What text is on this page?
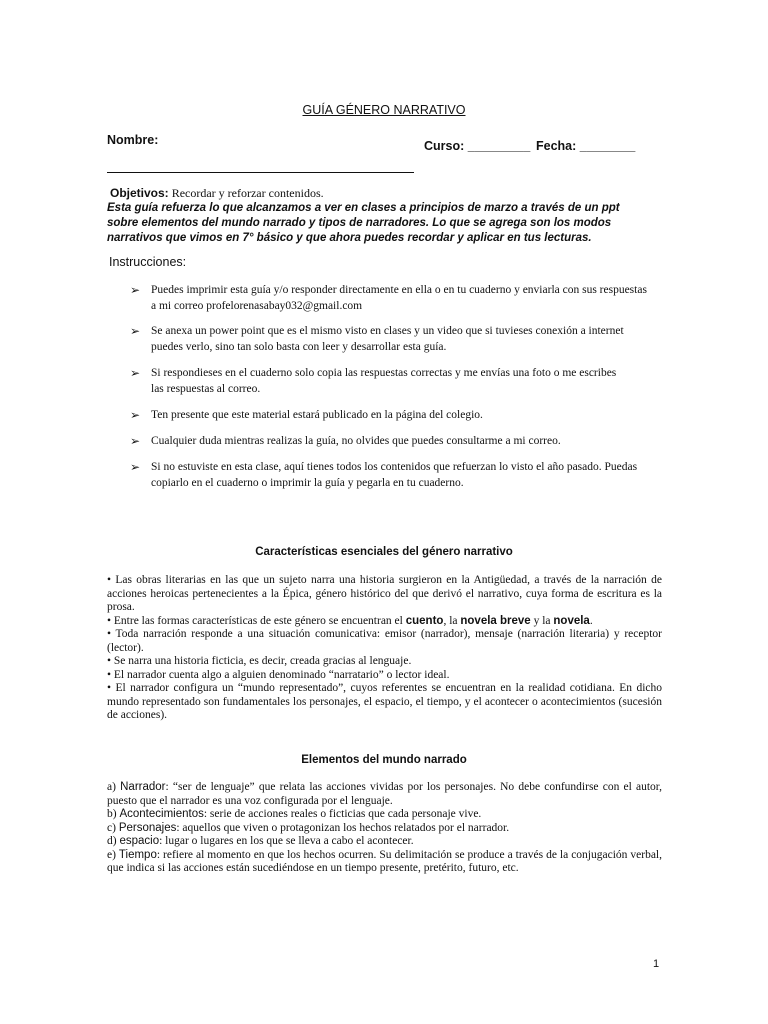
GUÍA GÉNERO NARRATIVO
Nombre:	Curso: _________ Fecha: ________
Objetivos: Recordar y reforzar contenidos.
Esta guía refuerza lo que alcanzamos a ver en clases a principios de marzo a través de un ppt sobre elementos del mundo narrado y tipos de narradores. Lo que se agrega son los modos narrativos que vimos en 7° básico y que ahora puedes recordar y aplicar en tus lecturas.
Instrucciones:
➢ Puedes imprimir esta guía y/o responder directamente en ella o en tu cuaderno y enviarla con sus respuestas
a mi correo profelorenasabay032@gmail.com
➢ Se anexa un power point que es el mismo visto en clases y un video que si tuvieses conexión a internet
puedes verlo, sino tan solo basta con leer y desarrollar esta guía.
➢ Si respondieses en el cuaderno solo copia las respuestas correctas y me envías una foto o me escribes
las respuestas al correo.
➢ Ten presente que este material estará publicado en la página del colegio.
➢ Cualquier duda mientras realizas la guía, no olvides que puedes consultarme a mi correo.
➢ Si no estuviste en esta clase, aquí tienes todos los contenidos que refuerzan lo visto el año pasado. Puedas
copiarlo en el cuaderno o imprimir la guía y pegarla en tu cuaderno.
Características esenciales del género narrativo

• Las obras literarias en las que un sujeto narra una historia surgieron en la Antigüedad, a través de la narración de acciones heroicas pertenecientes a la Épica, género histórico del que derivó el narrativo, cuya forma de escritura es la prosa.

• Entre las formas características de este género se encuentran el cuento, la novela breve y la novela.

• Toda narración responde a una situación comunicativa: emisor (narrador), mensaje (narración literaria) y receptor (lector).

• Se narra una historia ficticia, es decir, creada gracias al lenguaje.

• El narrador cuenta algo a alguien denominado “narratario” o lector ideal.

• El narrador configura un “mundo representado”, cuyos referentes se encuentran en la realidad cotidiana. En dicho mundo representado son fundamentales los personajes, el espacio, el tiempo, y el acontecer o acontecimientos (sucesión de acciones).

Elementos del mundo narrado

a) Narrador: “ser de lenguaje” que relata las acciones vividas por los personajes. No debe confundirse con el autor, puesto que el narrador es una voz configurada por el lenguaje.

b) Acontecimientos: serie de acciones reales o ficticias que cada personaje vive.

c) Personajes: aquellos que viven o protagonizan los hechos relatados por el narrador.

d) espacio: lugar o lugares en los que se lleva a cabo el acontecer.

e) Tiempo: refiere al momento en que los hechos ocurren. Su delimitación se produce a través de la conjugación verbal, que indica si las acciones están sucediéndose en un tiempo presente, pretérito, futuro, etc.

1
